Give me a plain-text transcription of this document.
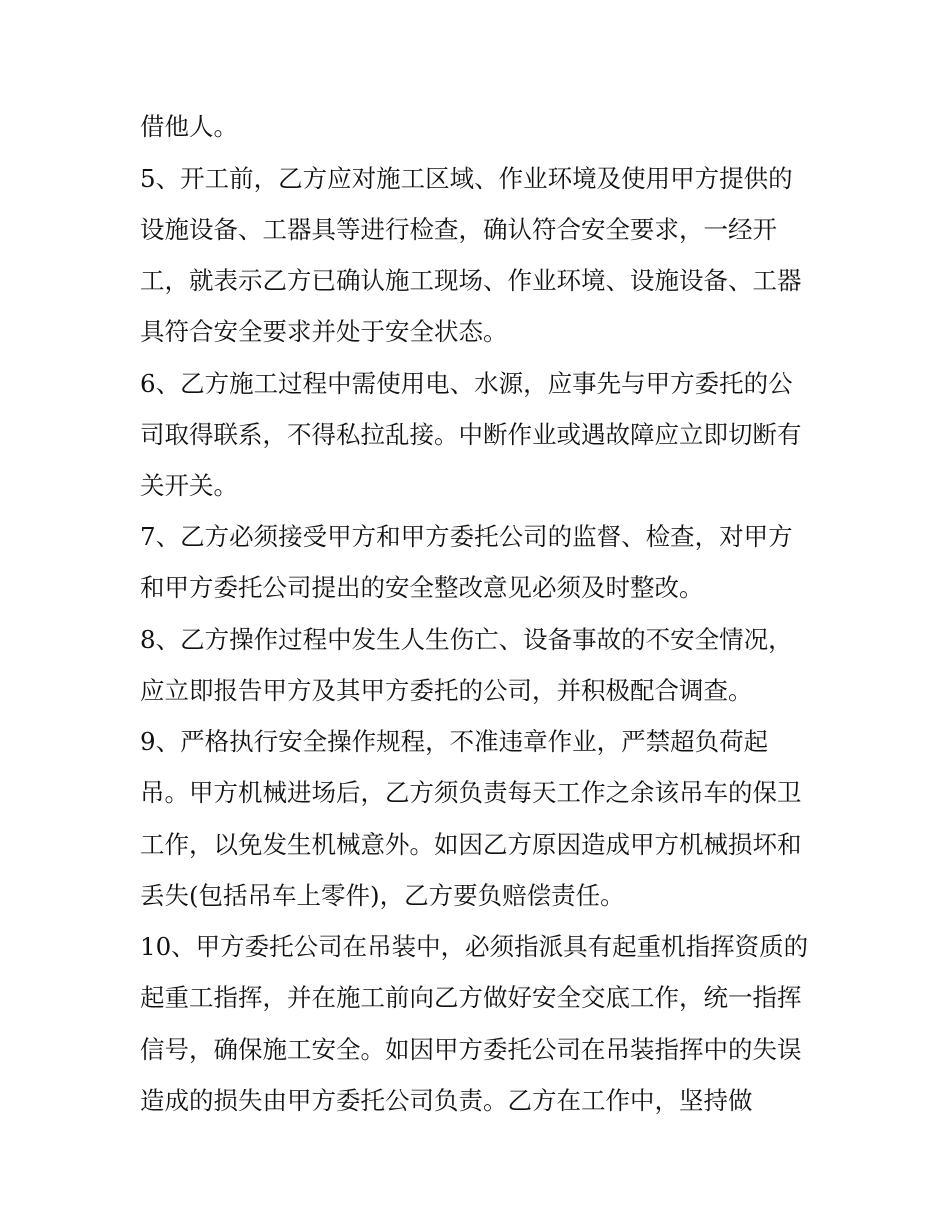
借他人。
5、开工前，乙方应对施工区域、作业环境及使用甲方提供的
设施设备、工器具等进行检查，确认符合安全要求，一经开
工，就表示乙方已确认施工现场、作业环境、设施设备、工器
具符合安全要求并处于安全状态。
6、乙方施工过程中需使用电、水源，应事先与甲方委托的公
司取得联系，不得私拉乱接。中断作业或遇故障应立即切断有
关开关。
7、乙方必须接受甲方和甲方委托公司的监督、检查，对甲方
和甲方委托公司提出的安全整改意见必须及时整改。
8、乙方操作过程中发生人生伤亡、设备事故的不安全情况，
应立即报告甲方及其甲方委托的公司，并积极配合调查。
9、严格执行安全操作规程，不准违章作业，严禁超负荷起
吊。甲方机械进场后，乙方须负责每天工作之余该吊车的保卫
工作，以免发生机械意外。如因乙方原因造成甲方机械损坏和
丢失(包括吊车上零件)，乙方要负赔偿责任。
10、甲方委托公司在吊装中，必须指派具有起重机指挥资质的
起重工指挥，并在施工前向乙方做好安全交底工作，统一指挥
信号，确保施工安全。如因甲方委托公司在吊装指挥中的失误
造成的损失由甲方委托公司负责。乙方在工作中，坚持做
